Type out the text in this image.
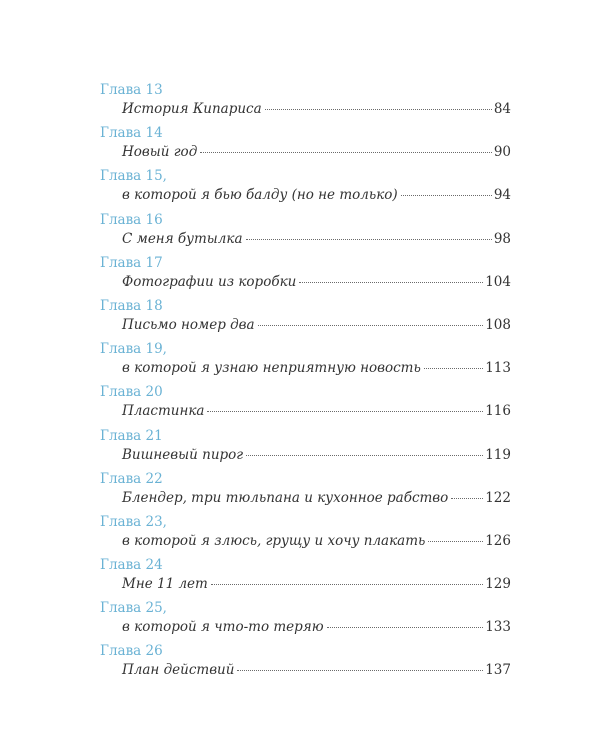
Глава 13
История Кипариса	84
Глава 14
Новый год	90
Глава 15,
в которой я бью балду (но не только)	94
Глава 16
С меня бутылка	98
Глава 17
Фотографии из коробки	104
Глава 18
Письмо номер два	108
Глава 19,
в которой я узнаю неприятную новость	113
Глава 20
Пластинка	116
Глава 21
Вишневый пирог	119
Глава 22
Блендер, три тюльпана и кухонное рабство	122
Глава 23,
в которой я злюсь, грущу и хочу плакать	126
Глава 24
Мне 11 лет	129
Глава 25,
в которой я что-то теряю	133
Глава 26
План действий	137
